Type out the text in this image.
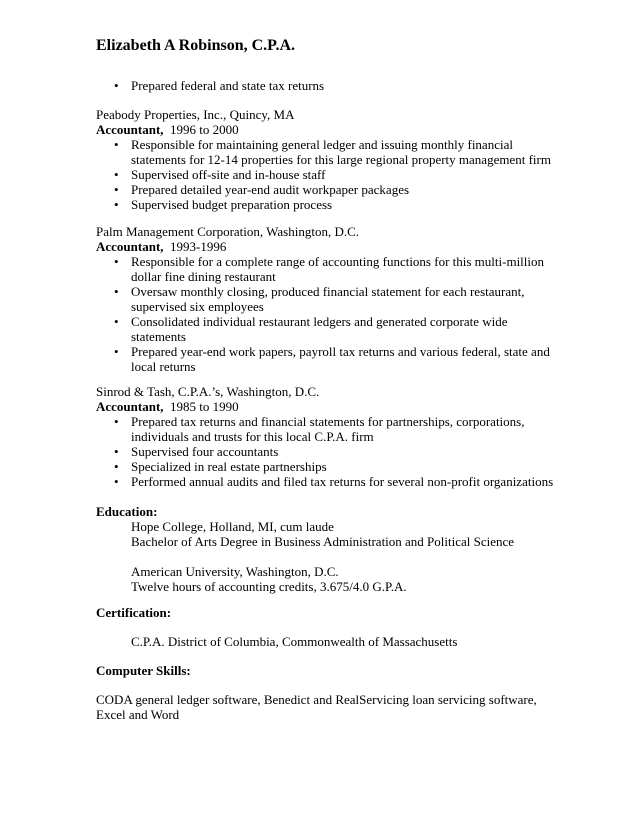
Elizabeth A Robinson, C.P.A.
• Prepared federal and state tax returns
Peabody Properties, Inc., Quincy, MA
Accountant, 1996 to 2000
• Responsible for maintaining general ledger and issuing monthly financial
statements for 12-14 properties for this large regional property management firm
• Supervised off-site and in-house staff
• Prepared detailed year-end audit workpaper packages
• Supervised budget preparation process
Palm Management Corporation, Washington, D.C.
Accountant, 1993-1996
• Responsible for a complete range of accounting functions for this multi-million
dollar fine dining restaurant
• Oversaw monthly closing, produced financial statement for each restaurant,
supervised six employees
• Consolidated individual restaurant ledgers and generated corporate wide
statements
• Prepared year-end work papers, payroll tax returns and various federal, state and
local returns
Sinrod & Tash, C.P.A.’s, Washington, D.C.
Accountant, 1985 to 1990
• Prepared tax returns and financial statements for partnerships, corporations,
individuals and trusts for this local C.P.A. firm
• Supervised four accountants
• Specialized in real estate partnerships
• Performed annual audits and filed tax returns for several non-profit organizations
Education:
Hope College, Holland, MI, cum laude
Bachelor of Arts Degree in Business Administration and Political Science
American University, Washington, D.C.
Twelve hours of accounting credits, 3.675/4.0 G.P.A.
Certification:
C.P.A. District of Columbia, Commonwealth of Massachusetts
Computer Skills:
CODA general ledger software, Benedict and RealServicing loan servicing software,
Excel and Word
